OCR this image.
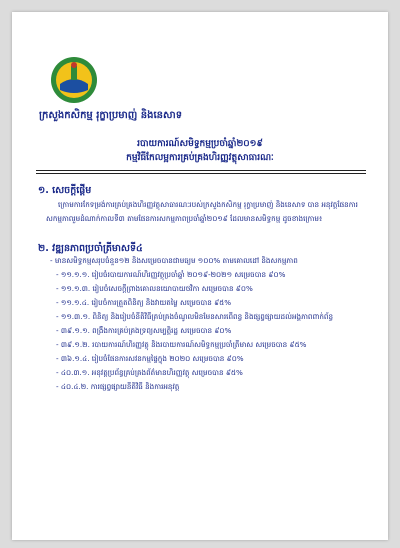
ក្រសួងកសិកម្ម រុក្ខាប្រមាញ់ និងនេសាទ
របាយការណ៍សមិទ្ធកម្មប្រចាំឆ្នាំ២០១៩
កម្មវិធីកែលម្អការគ្រប់គ្រងហិរញ្ញវត្ថុសាធារណៈ
១. សេចក្តីផ្តើម
ក្រោមការកែទម្រង់ការគ្រប់គ្រងហិរញ្ញវត្ថុសាធារណៈរបស់ក្រសួងកសិកម្ម រុក្ខាប្រមាញ់ និងនេសាទ បាន អនុវត្តផែនការសកម្មភាពរួមដំណាក់កាលទី៣ តាមផែនការសកម្មភាពប្រចាំឆ្នាំ២០១៩ ដែលមានសមិទ្ធកម្ម ដូចខាងក្រោម៖
២. វឌ្ឍនភាពប្រចាំត្រីមាសទី៤
- មានសមិទ្ធកម្មសរុបចំនួន១២ និងសម្រេចបានជាមធ្យម ១០០% តាមគោលដៅ និងសកម្មភាព
- ១១.១.១. រៀបចំរបាយការណ៍ហិរញ្ញវត្ថុប្រចាំឆ្នាំ ២០១៩-២០២១ សម្រេចបាន ៩០%
- ១១.១.៣. រៀបចំសេចក្តីព្រាងគោលនយោបាយថវិកា សម្រេចបាន ៩០%
- ១១.១.៤. រៀបចំការត្រួតពិនិត្យ និងវាយតម្លៃ សម្រេចបាន ៩៥%
- ១១.៣.១. ពិនិត្យ និងរៀបចំនីតិវិធីគ្រប់គ្រងចំណូលមិនមែនសារពើពន្ធ និងផ្សព្វផ្សាយដល់អង្គភាពពាក់ព័ន្ធ
- ៣៩.១.១. ពង្រឹងការគ្រប់គ្រងទ្រព្យសម្បត្តិរដ្ឋ សម្រេចបាន ៩០%
- ៣៩.១.២. របាយការណ៍ហិរញ្ញវត្ថុ និងរបាយការណ៍សមិទ្ធកម្មប្រចាំត្រីមាស សម្រេចបាន ៩៥%
- ៣៦.១.៤. រៀបចំផែនការសវនកម្មផ្ទៃក្នុង ២០២០ សម្រេចបាន ៩០%
- ៤០.៣.១. អនុវត្តប្រព័ន្ធគ្រប់គ្រងព័ត៌មានហិរញ្ញវត្ថុ សម្រេចបាន ៩៥%
- ៤០.៤.២. ការផ្សព្វផ្សាយនីតិវិធី និងការអនុវត្ត
